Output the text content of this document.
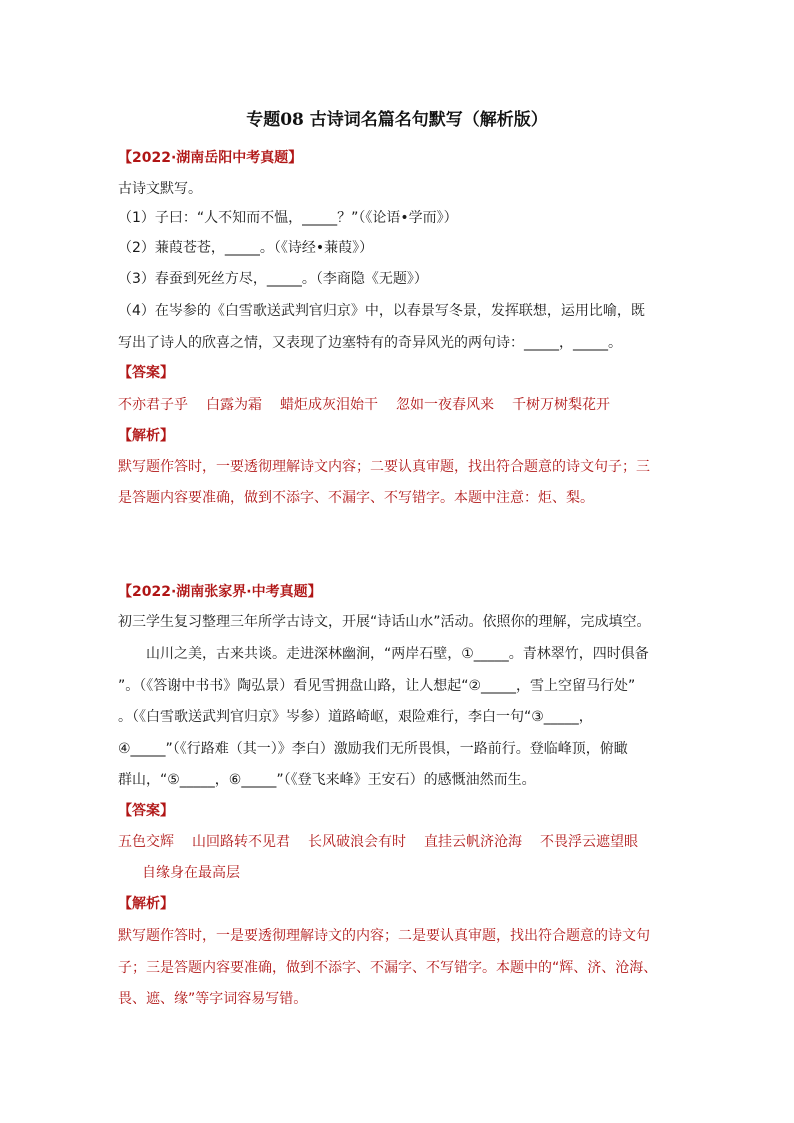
专题08 古诗词名篇名句默写（解析版）
【2022·湖南岳阳中考真题】
古诗文默写。
（1）子曰：“人不知而不愠，_____？”（《论语•学而》）
（2）蒹葭苍苍，_____。（《诗经•蒹葭》）
（3）春蚕到死丝方尽，_____。（李商隐《无题》）
（4）在岑参的《白雪歌送武判官归京》中，以春景写冬景，发挥联想，运用比喻，既
写出了诗人的欣喜之情，又表现了边塞特有的奇异风光的两句诗：_____，_____。
【答案】
不亦君子乎 白露为霜 蜡炬成灰泪始干 忽如一夜春风来 千树万树梨花开
【解析】
默写题作答时，一要透彻理解诗文内容；二要认真审题，找出符合题意的诗文句子；三
是答题内容要准确，做到不添字、不漏字、不写错字。本题中注意：炬、梨。
【2022·湖南张家界·中考真题】
初三学生复习整理三年所学古诗文，开展“诗话山水”活动。依照你的理解，完成填空。
　　山川之美，古来共谈。走进深林幽涧，“两岸石壁，①_____。青林翠竹，四时俱备
”。（《答谢中书书》陶弘景）看见雪拥盘山路，让人想起“②_____，雪上空留马行处”
。（《白雪歌送武判官归京》岑参）道路崎岖，艰险难行，李白一句“③_____，
④_____”（《行路难（其一）》李白）激励我们无所畏惧，一路前行。登临峰顶，俯瞰
群山，“⑤_____，⑥_____”（《登飞来峰》王安石）的感慨油然而生。
【答案】
五色交辉 山回路转不见君 长风破浪会有时 直挂云帆济沧海 不畏浮云遮望眼
自缘身在最高层
【解析】
默写题作答时，一是要透彻理解诗文的内容；二是要认真审题，找出符合题意的诗文句
子；三是答题内容要准确，做到不添字、不漏字、不写错字。本题中的“辉、济、沧海、
畏、遮、缘”等字词容易写错。
